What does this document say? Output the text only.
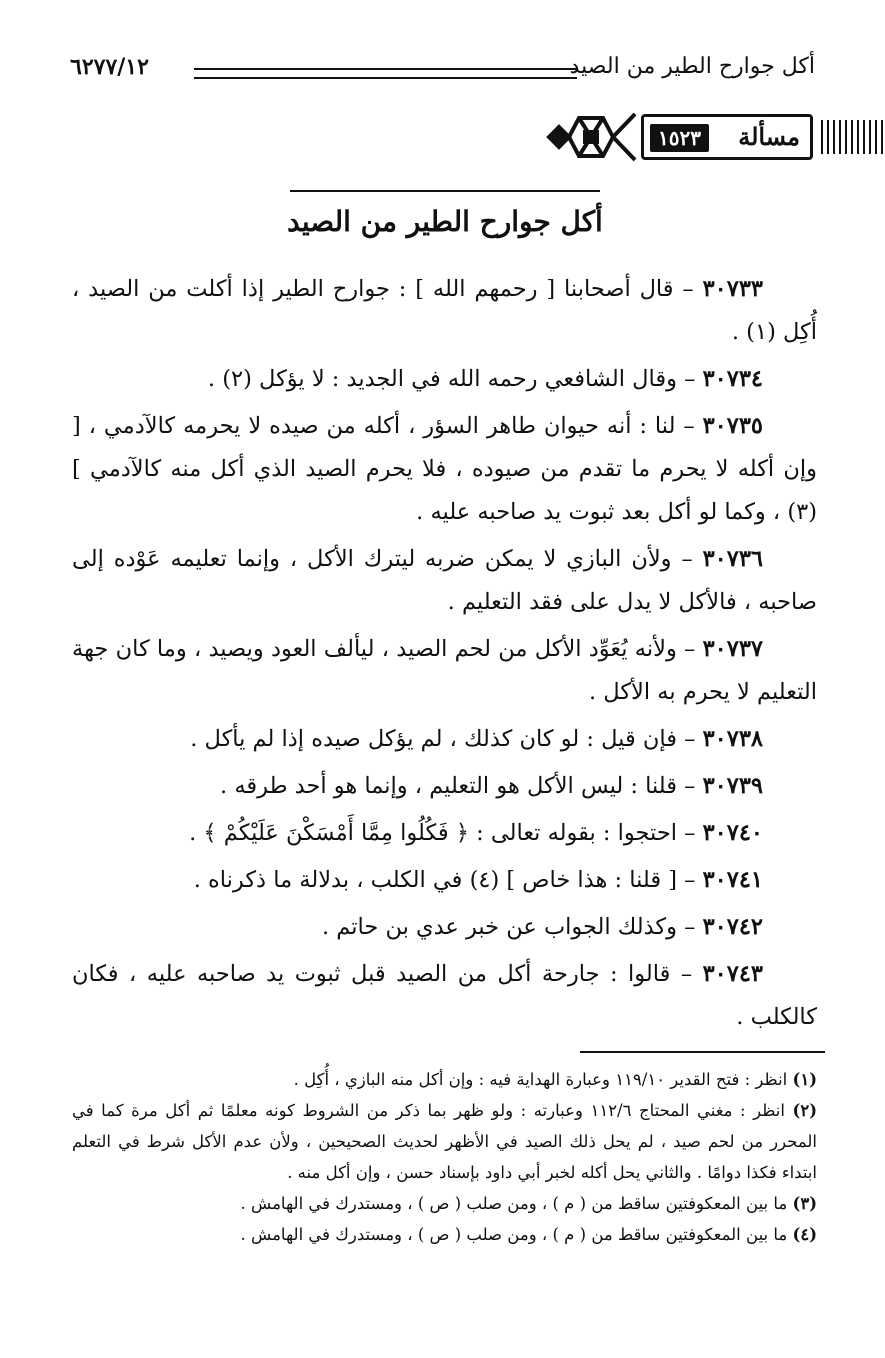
أكل جوارح الطير من الصيد
٦٢٧٧/١٢
مسألة
١٥٢٣
أكل جوارح الطير من الصيد

٣٠٧٣٣ – قال أصحابنا [ رحمهم الله ] : جوارح الطير إذا أكلت من الصيد ، أُكِل (١) .

٣٠٧٣٤ – وقال الشافعي رحمه الله في الجديد : لا يؤكل (٢) .

٣٠٧٣٥ – لنا : أنه حيوان طاهر السؤر ، أكله من صيده لا يحرمه كالآدمي ، [ وإن أكله لا يحرم ما تقدم من صيوده ، فلا يحرم الصيد الذي أكل منه كالآدمي ] (٣) ، وكما لو أكل بعد ثبوت يد صاحبه عليه .

٣٠٧٣٦ – ولأن البازي لا يمكن ضربه ليترك الأكل ، وإنما تعليمه عَوْده إلى صاحبه ، فالأكل لا يدل على فقد التعليم .

٣٠٧٣٧ – ولأنه يُعَوِّد الأكل من لحم الصيد ، ليألف العود ويصيد ، وما كان جهة التعليم لا يحرم به الأكل .

٣٠٧٣٨ – فإن قيل : لو كان كذلك ، لم يؤكل صيده إذا لم يأكل .

٣٠٧٣٩ – قلنا : ليس الأكل هو التعليم ، وإنما هو أحد طرقه .

٣٠٧٤٠ – احتجوا : بقوله تعالى : ﴿ فَكُلُوا مِمَّا أَمْسَكْنَ عَلَيْكُمْ ﴾ .

٣٠٧٤١ – [ قلنا : هذا خاص ] (٤) في الكلب ، بدلالة ما ذكرناه .

٣٠٧٤٢ – وكذلك الجواب عن خبر عدي بن حاتم .

٣٠٧٤٣ – قالوا : جارحة أكل من الصيد قبل ثبوت يد صاحبه عليه ، فكان كالكلب .

(١) انظر : فتح القدير ١١٩/١٠ وعبارة الهداية فيه : وإن أكل منه البازي ، أُكِل .

(٢) انظر : مغني المحتاج ١١٢/٦ وعبارته : ولو ظهر بما ذكر من الشروط كونه معلمًا ثم أكل مرة كما في المحرر من لحم صيد ، لم يحل ذلك الصيد في الأظهر لحديث الصحيحين ، ولأن عدم الأكل شرط في التعلم ابتداء فكذا دوامًا . والثاني يحل أكله لخبر أبي داود بإسناد حسن ، وإن أكل منه .

(٣) ما بين المعكوفتين ساقط من ( م ) ، ومن صلب ( ص ) ، ومستدرك في الهامش .

(٤) ما بين المعكوفتين ساقط من ( م ) ، ومن صلب ( ص ) ، ومستدرك في الهامش .
